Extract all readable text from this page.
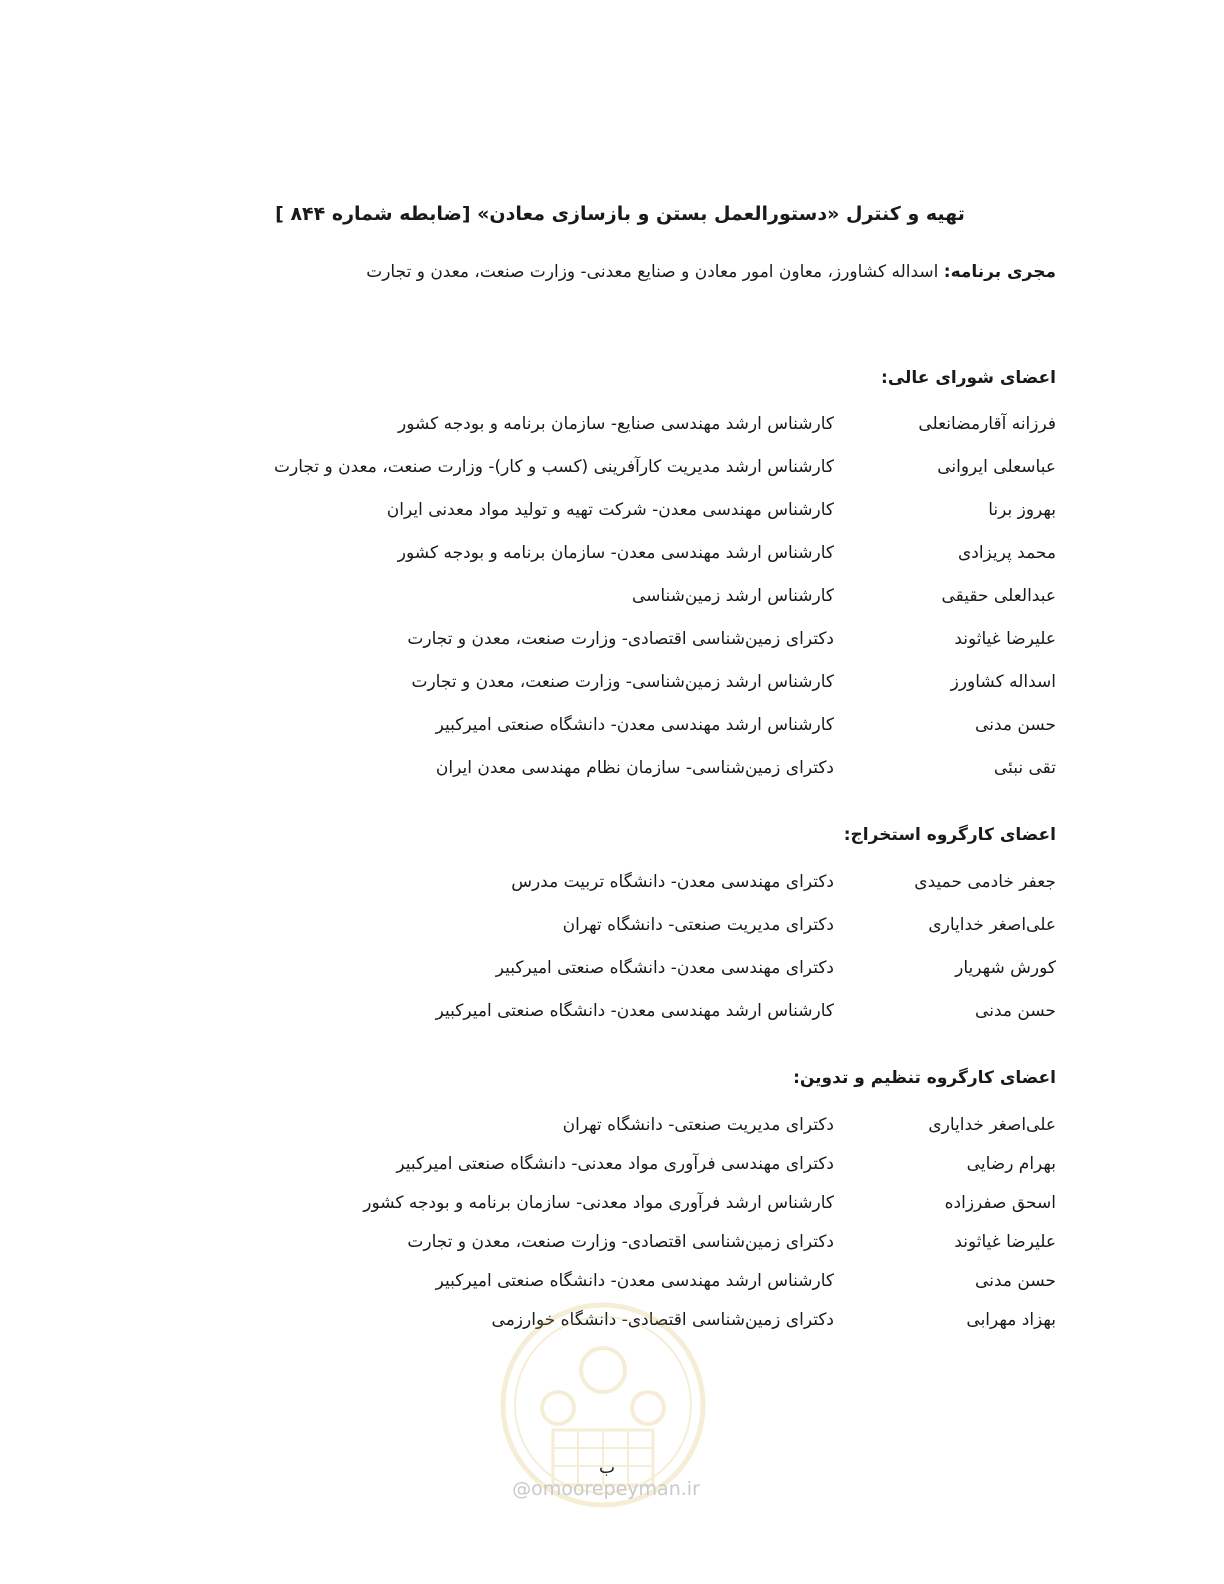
تهیه و کنترل «دستورالعمل بستن و بازسازی معادن» [ضابطه شماره ۸۴۴ ]
مجری برنامه: اسداله کشاورز، معاون امور معادن و صنایع معدنی- وزارت صنعت، معدن و تجارت
اعضای شورای عالی:
فرزانه آقارمضانعلی
کارشناس ارشد مهندسی صنایع- سازمان برنامه و بودجه کشور
عباسعلی ایروانی
کارشناس ارشد مدیریت کارآفرینی (کسب و کار)- وزارت صنعت، معدن و تجارت
بهروز برنا
کارشناس مهندسی معدن- شرکت تهیه و تولید مواد معدنی ایران
محمد پریزادی
کارشناس ارشد مهندسی معدن- سازمان برنامه و بودجه کشور
عبدالعلی حقیقی
کارشناس ارشد زمین‌شناسی
علیرضا غیاثوند
دکترای زمین‌شناسی اقتصادی- وزارت صنعت، معدن و تجارت
اسداله کشاورز
کارشناس ارشد زمین‌شناسی- وزارت صنعت، معدن و تجارت
حسن مدنی
کارشناس ارشد مهندسی معدن- دانشگاه صنعتی امیرکبیر
تقی نبئی
دکترای زمین‌شناسی- سازمان نظام مهندسی معدن ایران
اعضای کارگروه استخراج:
جعفر خادمی حمیدی
دکترای مهندسی معدن- دانشگاه تربیت مدرس
علی‌اصغر خدایاری
دکترای مدیریت صنعتی- دانشگاه تهران
کورش شهریار
دکترای مهندسی معدن- دانشگاه صنعتی امیرکبیر
حسن مدنی
کارشناس ارشد مهندسی معدن- دانشگاه صنعتی امیرکبیر
اعضای کارگروه تنظیم و تدوین:
علی‌اصغر خدایاری
دکترای مدیریت صنعتی- دانشگاه تهران
بهرام رضایی
دکترای مهندسی فرآوری مواد معدنی- دانشگاه صنعتی امیرکبیر
اسحق صفرزاده
کارشناس ارشد فرآوری مواد معدنی- سازمان برنامه و بودجه کشور
علیرضا غیاثوند
دکترای زمین‌شناسی اقتصادی- وزارت صنعت، معدن و تجارت
حسن مدنی
کارشناس ارشد مهندسی معدن- دانشگاه صنعتی امیرکبیر
بهزاد مهرابی
دکترای زمین‌شناسی اقتصادی- دانشگاه خوارزمی
ب
@omoorepeyman.ir
